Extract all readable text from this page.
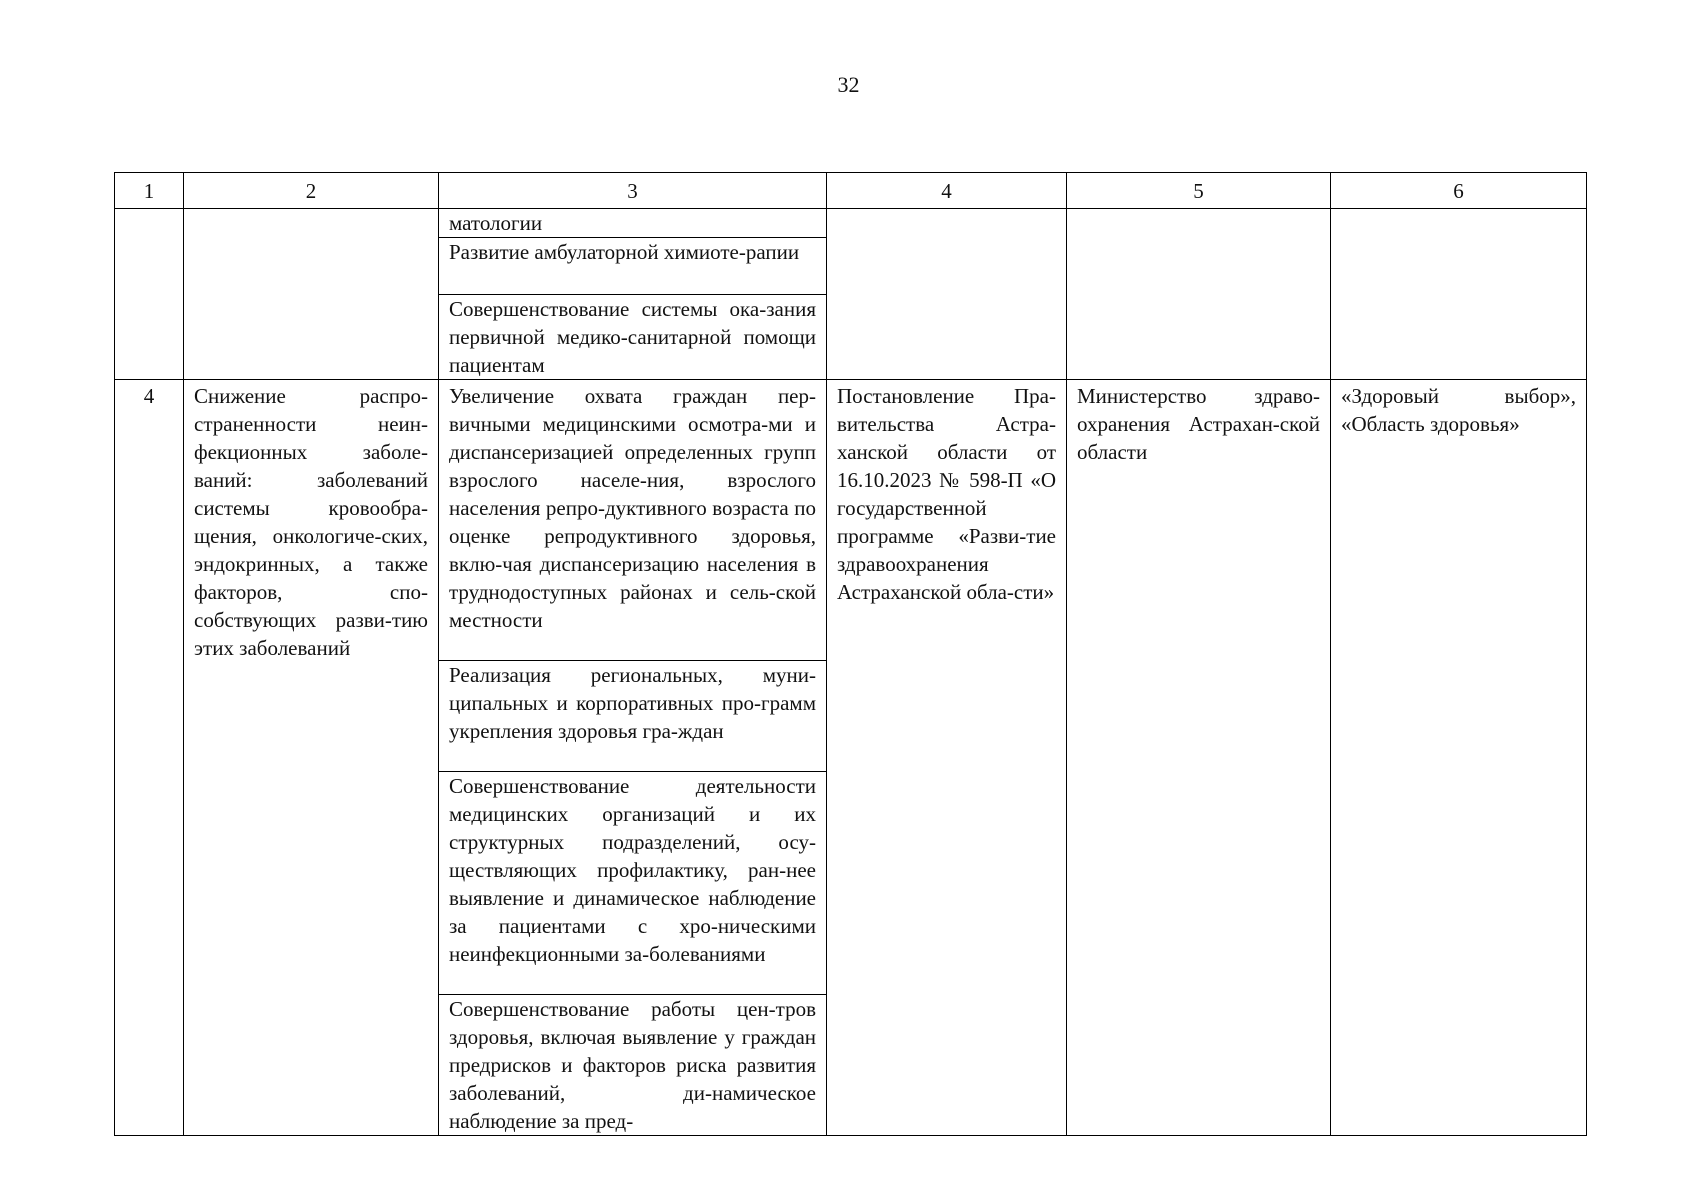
32
1	2	3	4	5	6
		матологии			
		Развитие амбулаторной химиоте-рапии			
		Совершенствование системы ока-зания первичной медико-санитарной помощи пациентам			
4	Снижение распро-страненности неин-фекционных заболе-ваний: заболеваний системы кровообра-щения, онкологиче-ских, эндокринных, а также факторов, спо-собствующих разви-тию этих заболеваний	Увеличение охвата граждан пер-вичными медицинскими осмотра-ми и диспансеризацией определенных групп взрослого населе-ния, взрослого населения репро-дуктивного возраста по оценке репродуктивного здоровья, вклю-чая диспансеризацию населения в труднодоступных районах и сель-ской местности	Постановление Пра-вительства Астра-ханской области от 16.10.2023 № 598-П «О государственной программе «Разви-тие здравоохранения Астраханской обла-сти»	Министерство здраво-охранения Астрахан-ской области	«Здоровый выбор», «Область здоровья»
		Реализация региональных, муни-ципальных и корпоративных про-грамм укрепления здоровья гра-ждан			
		Совершенствование деятельности медицинских организаций и их структурных подразделений, осу-ществляющих профилактику, ран-нее выявление и динамическое наблюдение за пациентами с хро-ническими неинфекционными за-болеваниями			
		Совершенствование работы цен-тров здоровья, включая выявление у граждан предрисков и факторов риска развития заболеваний, ди-намическое наблюдение за пред-			
